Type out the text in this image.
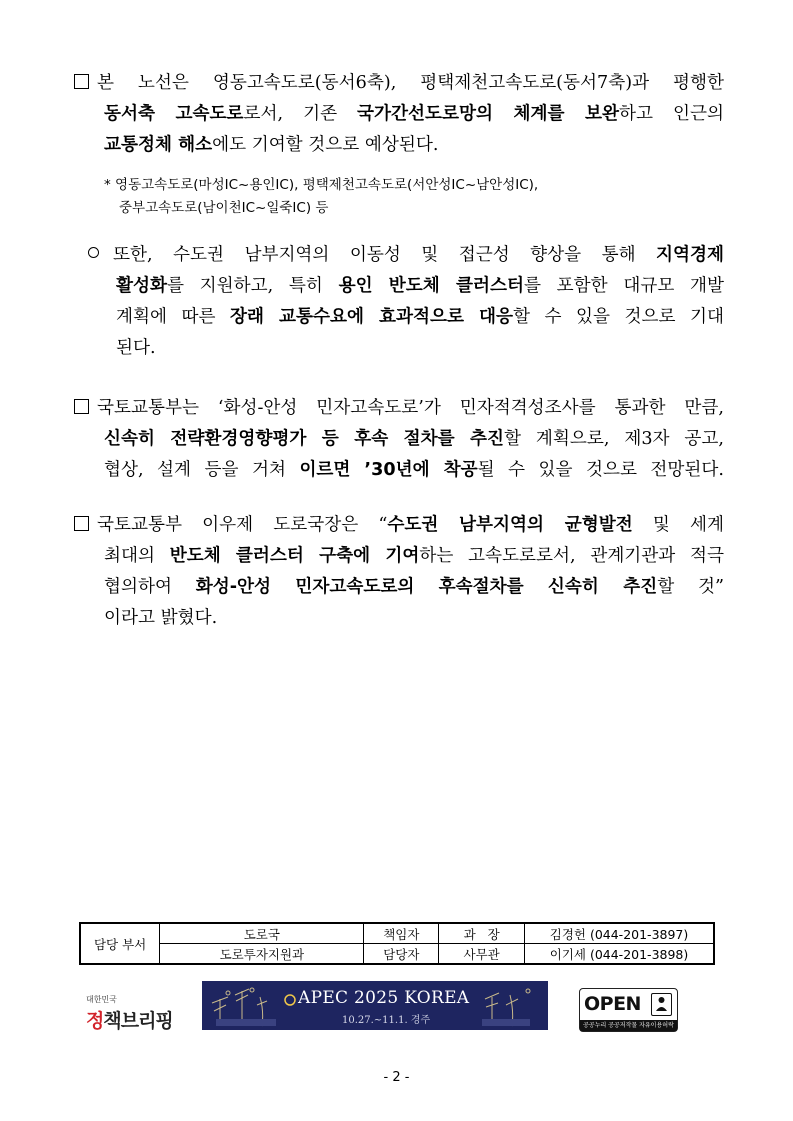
본 노선은 영동고속도로(동서6축), 평택제천고속도로(동서7축)과 평행한
동서축 고속도로로서, 기존 국가간선도로망의 체계를 보완하고 인근의
교통정체 해소에도 기여할 것으로 예상된다.
* 영동고속도로(마성IC~용인IC), 평택제천고속도로(서안성IC~남안성IC),
중부고속도로(남이천IC~일죽IC) 등
또한, 수도권 남부지역의 이동성 및 접근성 향상을 통해 지역경제
활성화를 지원하고, 특히 용인 반도체 클러스터를 포함한 대규모 개발
계획에 따른 장래 교통수요에 효과적으로 대응할 수 있을 것으로 기대
된다.
국토교통부는 ‘화성-안성 민자고속도로’가 민자적격성조사를 통과한 만큼,
신속히 전략환경영향평가 등 후속 절차를 추진할 계획으로, 제3자 공고,
협상, 설계 등을 거쳐 이르면 ’30년에 착공될 수 있을 것으로 전망된다.
국토교통부 이우제 도로국장은 “수도권 남부지역의 균형발전 및 세계
최대의 반도체 클러스터 구축에 기여하는 고속도로로서, 관계기관과 적극
협의하여 화성-안성 민자고속도로의 후속절차를 신속히 추진할 것”
이라고 밝혔다.
담당 부서	도로국	책임자	과   장	김경헌 (044-201-3897)
	도로투자지원과	담당자	사무관	이기세 (044-201-3898)
대한민국
정책브리핑
APEC 2025 KOREA
10.27.~11.1. 경주
OPEN
공공누리 공공저작물 자유이용허락
- 2 -
